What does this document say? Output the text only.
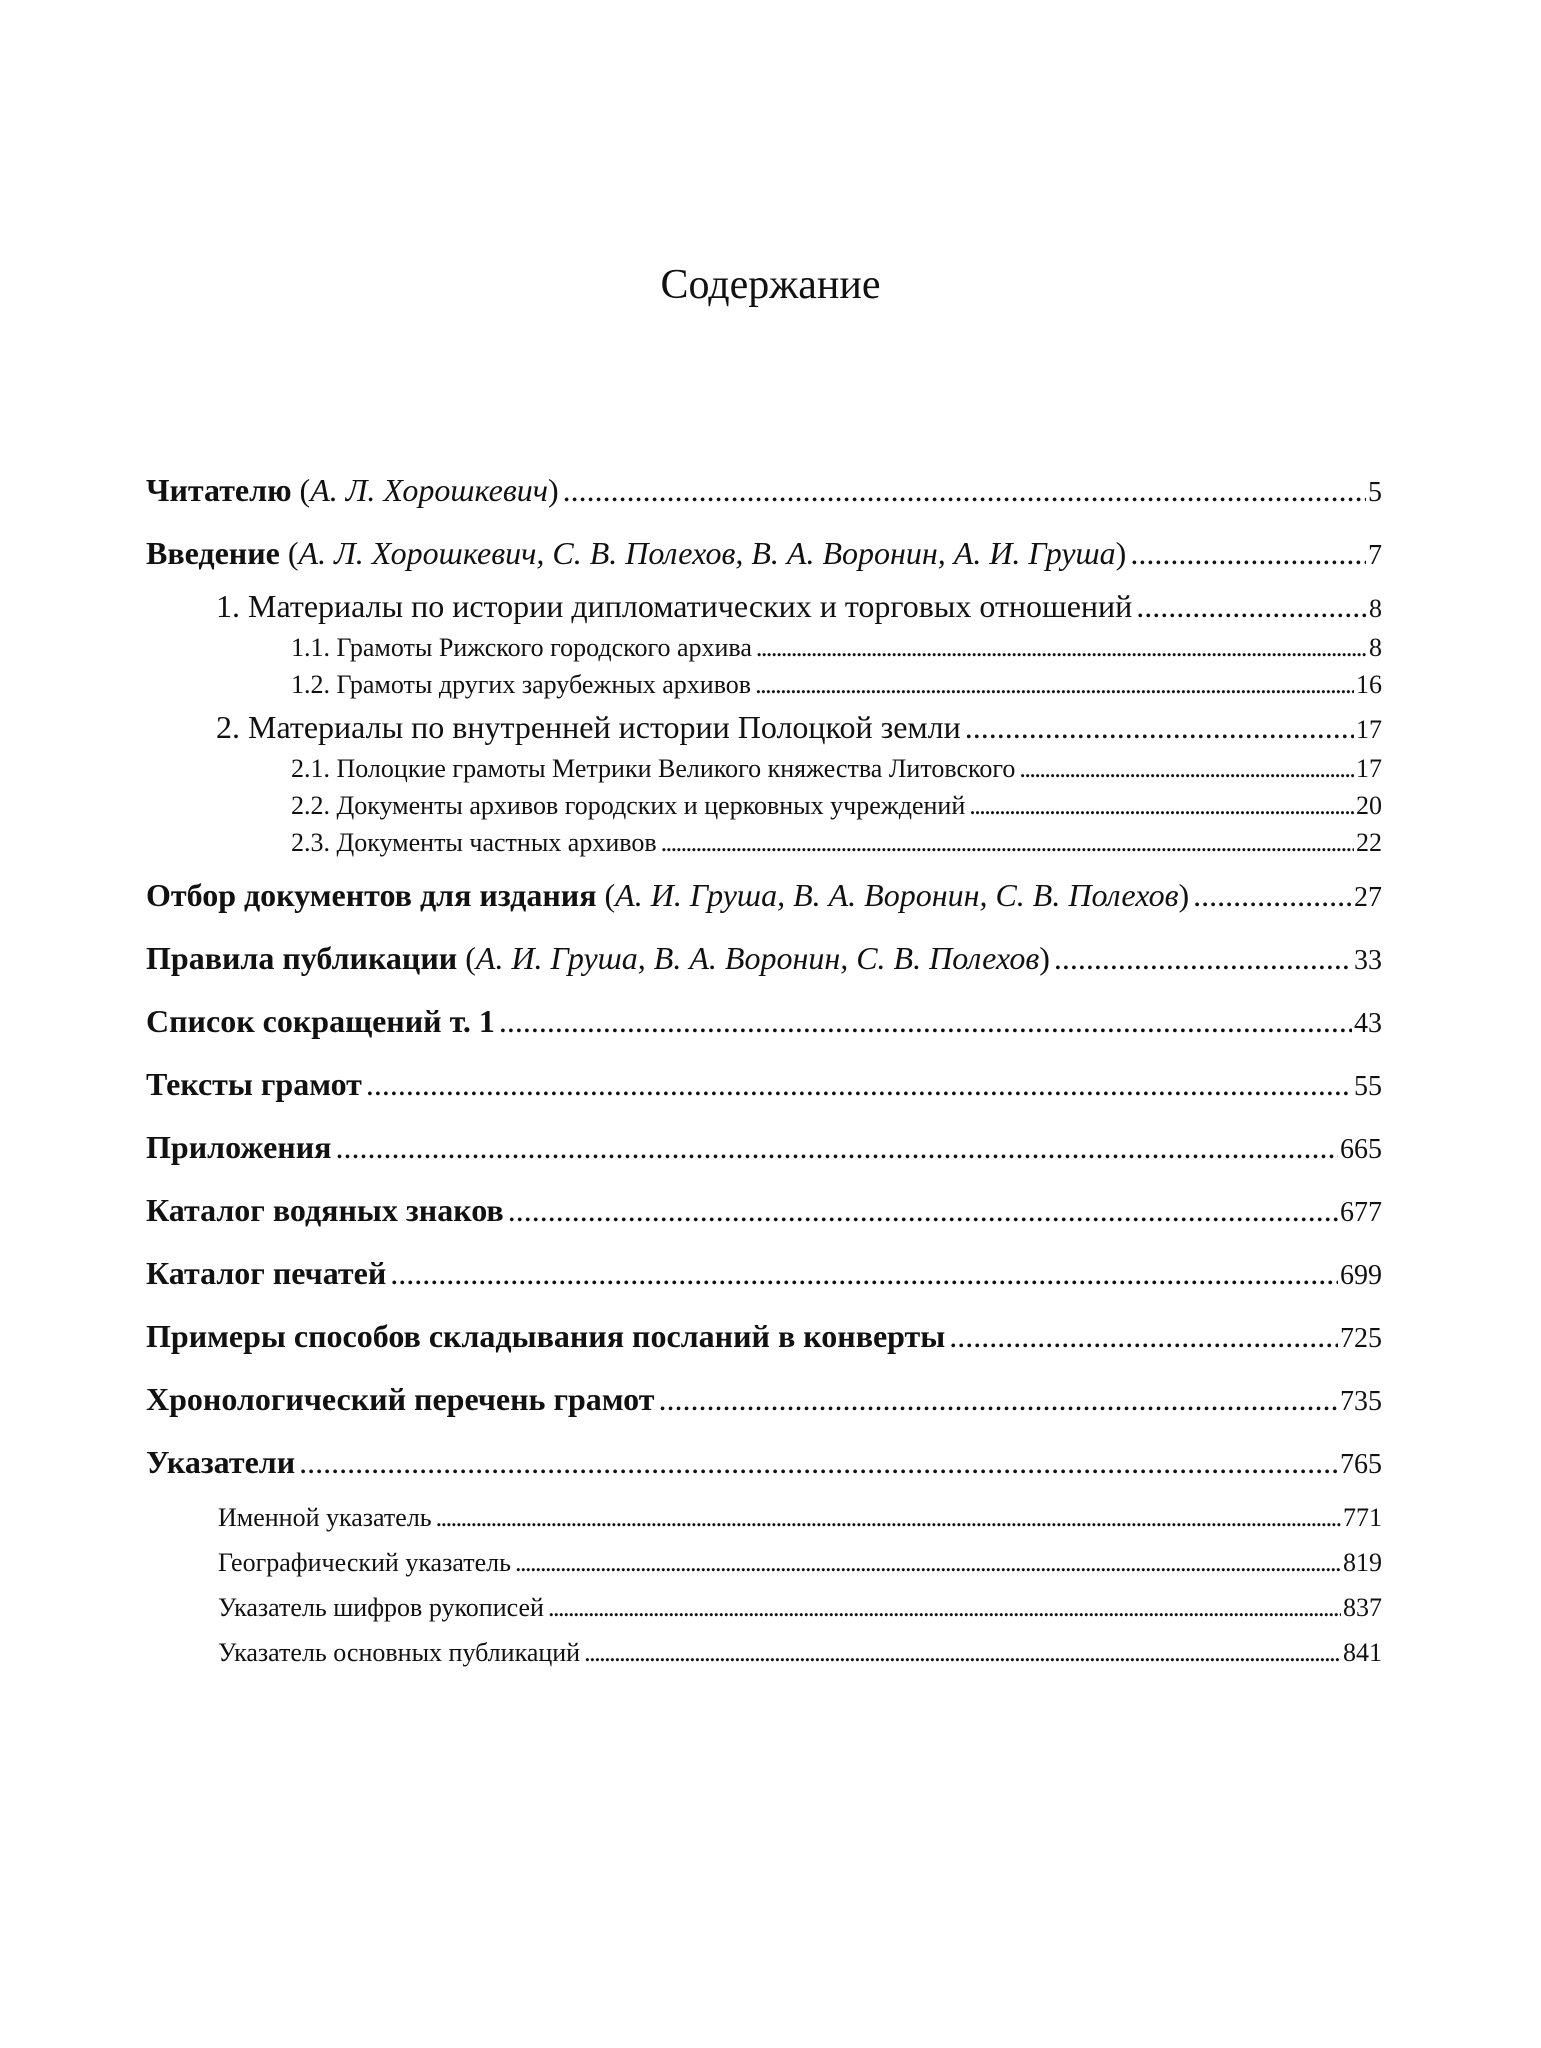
Содержание
Читателю (А. Л. Хорошкевич) . . .	5
Введение (А. Л. Хорошкевич, С. В. Полехов, В. А. Воронин, А. И. Груша) . . .	7
1. Материалы по истории дипломатических и торговых отношений . . .	8
1.1. Грамоты Рижского городского архива . . .	8
1.2. Грамоты других зарубежных архивов . . .	16
2. Материалы по внутренней истории Полоцкой земли . . .	17
2.1. Полоцкие грамоты Метрики Великого княжества Литовского . . .	17
2.2. Документы архивов городских и церковных учреждений . . .	20
2.3. Документы частных архивов . . .	22
Отбор документов для издания (А. И. Груша, В. А. Воронин, С. В. Полехов) . . .	27
Правила публикации (А. И. Груша, В. А. Воронин, С. В. Полехов) . . .	33
Список сокращений т. 1 . . .	43
Тексты грамот . . .	55
Приложения . . .	665
Каталог водяных знаков . . .	677
Каталог печатей . . .	699
Примеры способов складывания посланий в конверты . . .	725
Хронологический перечень грамот . . .	735
Указатели . . .	765
Именной указатель . . .	771
Географический указатель . . .	819
Указатель шифров рукописей . . .	837
Указатель основных публикаций . . .	841
